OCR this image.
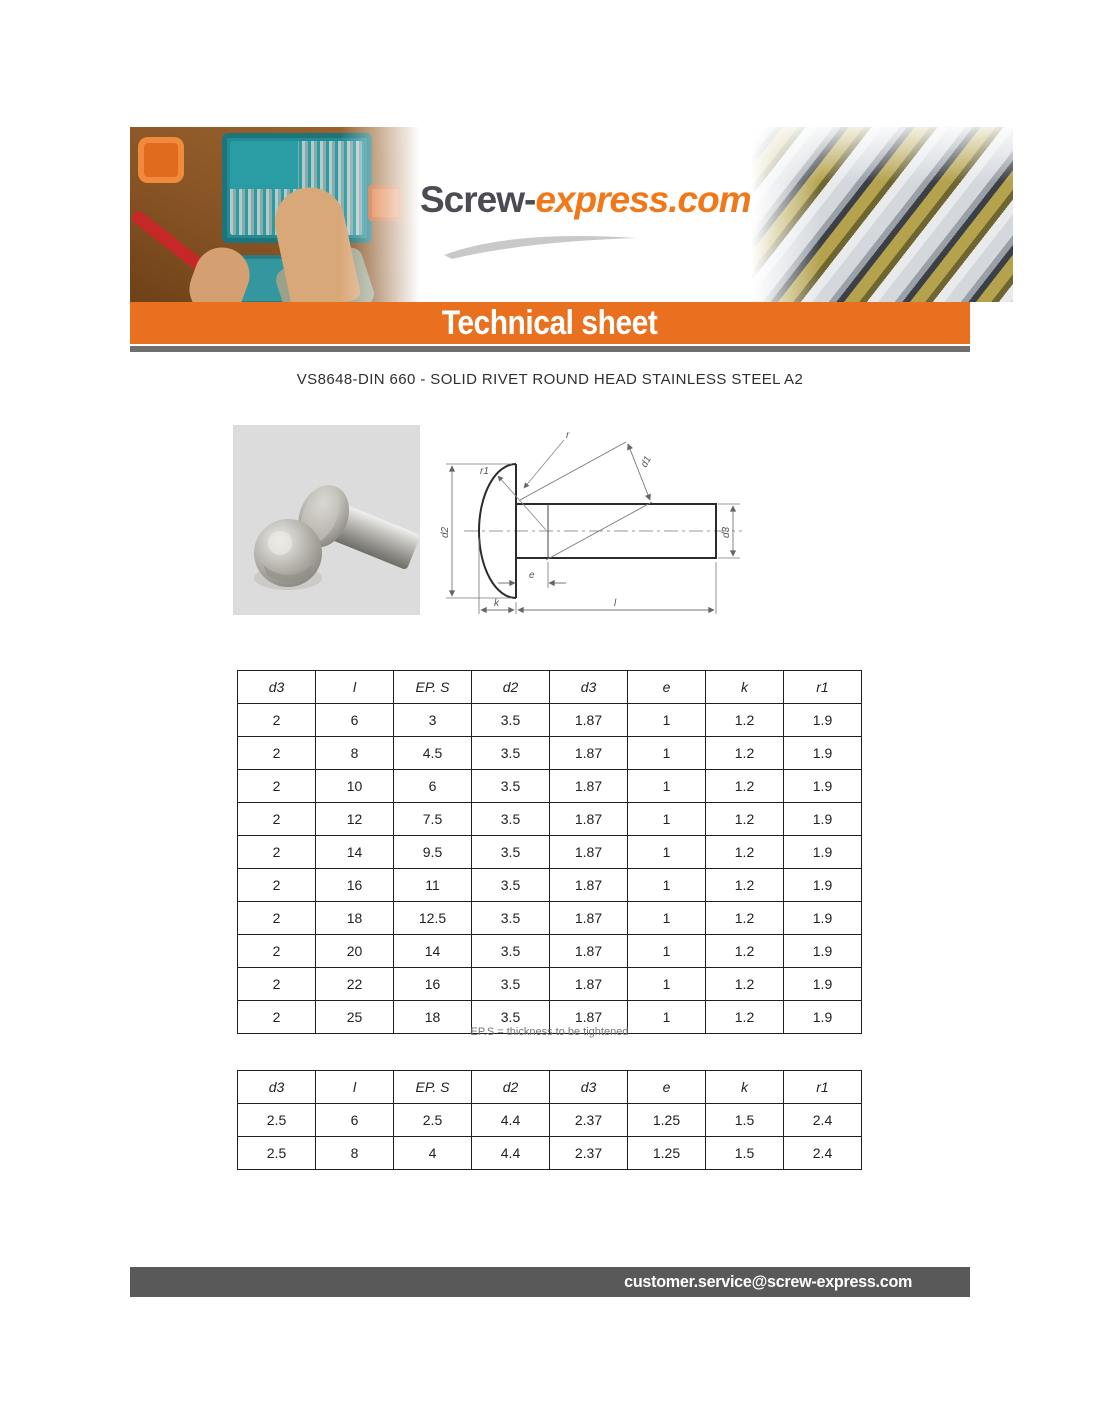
Screw-express.com
Technical sheet
VS8648-DIN 660 - SOLID RIVET ROUND HEAD STAINLESS STEEL A2
d1
r
r1
d2	d3
e
k	l
d3	l	EP. S	d2	d3	e	k	r1
2	6	3	3.5	1.87	1	1.2	1.9
2	8	4.5	3.5	1.87	1	1.2	1.9
2	10	6	3.5	1.87	1	1.2	1.9
2	12	7.5	3.5	1.87	1	1.2	1.9
2	14	9.5	3.5	1.87	1	1.2	1.9
2	16	11	3.5	1.87	1	1.2	1.9
2	18	12.5	3.5	1.87	1	1.2	1.9
2	20	14	3.5	1.87	1	1.2	1.9
2	22	16	3.5	1.87	1	1.2	1.9
2	25	18	3.5	1.87	1	1.2	1.9
EP.S = thickness to be tightened
d3	l	EP. S	d2	d3	e	k	r1
2.5	6	2.5	4.4	2.37	1.25	1.5	2.4
2.5	8	4	4.4	2.37	1.25	1.5	2.4
customer.service@screw-express.com
